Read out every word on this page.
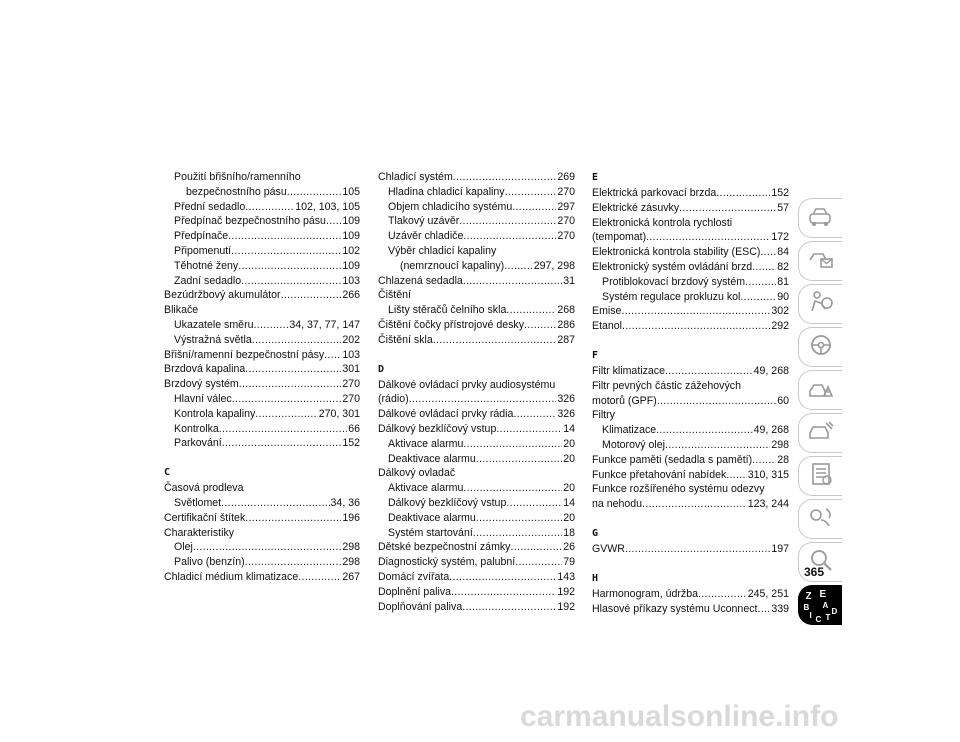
Použití břišního/ramenního
bezpečnostního pásu .....	105
Přední sedadlo .....	102, 103, 105
Předpínač bezpečnostního pásu ..... 109
Předpínače .....	109
Připomenutí .....	102
Těhotné ženy .....	109
Zadní sedadlo .....	103
Bezúdržbový akumulátor .....	266
Blikače
Ukazatele směru .....	34, 37, 77, 147
Výstražná světla .....	202
Břišní/ramenní bezpečnostní pásy ..... 103
Brzdová kapalina .....	301
Brzdový systém .....	270
Hlavní válec .....	270
Kontrola kapaliny .....	270, 301
Kontrolka .....	66
Parkování .....	152
C
Časová prodleva
Světlomet .....	34, 36
Certifikační štítek .....	196
Charakteristiky
Olej .....	298
Palivo (benzín) .....	298
Chladicí médium klimatizace .....	267
Chladicí systém .....	269
Hladina chladicí kapaliny .....	270
Objem chladicího systému .....	297
Tlakový uzávěr .....	270
Uzávěr chladiče .....	270
Výběr chladicí kapaliny
(nemrznoucí kapaliny) .....	297, 298
Chlazená sedadla .....	31
Čištění
Lišty stěračů čelního skla .....	268
Čištění čočky přístrojové desky .....	286
Čištění skla .....	287
D
Dálkové ovládací prvky audiosystému
(rádio) .....	326
Dálkové ovládací prvky rádia .....	326
Dálkový bezklíčový vstup .....	14
Aktivace alarmu .....	20
Deaktivace alarmu .....	20
Dálkový ovladač
Aktivace alarmu .....	20
Dálkový bezklíčový vstup .....	14
Deaktivace alarmu .....	20
Systém startování .....	18
Dětské bezpečnostní zámky .....	26
Diagnostický systém, palubní .....	79
Domácí zvířata .....	143
Doplnění paliva .....	192
Doplňování paliva .....	192
E
Elektrická parkovací brzda .....	152
Elektrické zásuvky .....	57
Elektronická kontrola rychlosti
(tempomat) .....	172
Elektronická kontrola stability (ESC) ..... 84
Elektronický systém ovládání brzd ..... 82
Protiblokovací brzdový systém .....	81
Systém regulace prokluzu kol .....	90
Emise .....	302
Etanol .....	292
F
Filtr klimatizace .....	49, 268
Filtr pevných částic zážehových
motorů (GPF) .....	60
Filtry
Klimatizace .....	49, 268
Motorový olej .....	298
Funkce paměti (sedadla s pamětí) ..... 28
Funkce přetahování nabídek ..... 310, 315
Funkce rozšířeného systému odezvy
na nehodu .....	123, 244
G
GVWR .....	197
H
Harmonogram, údržba .....	245, 251
Hlasové příkazy systému Uconnect ..... 339
Z E
B A
I C T
D
365
carmanualsonline.info
